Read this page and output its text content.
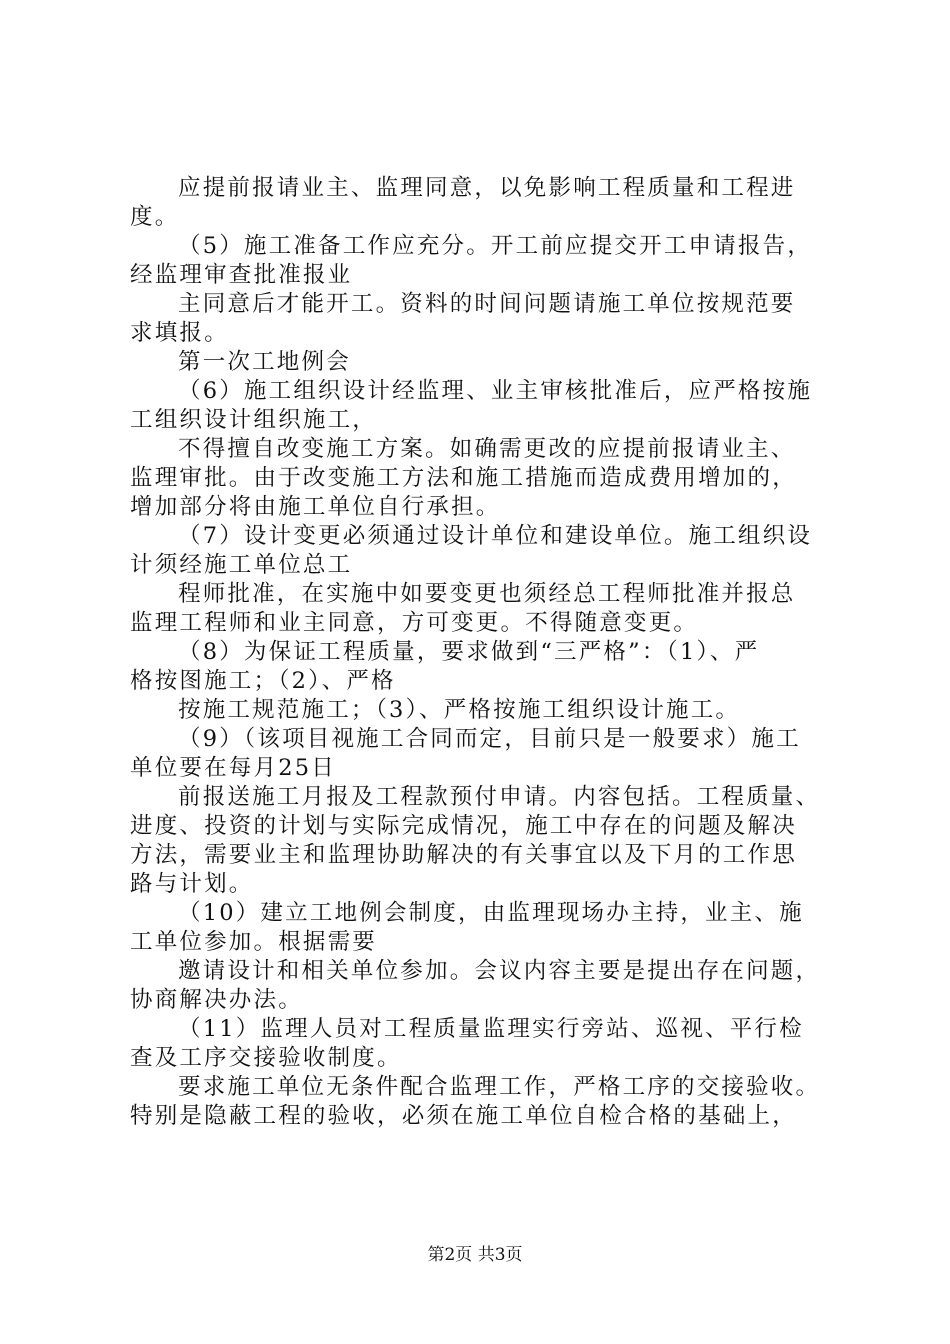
应提前报请业主、监理同意，以免影响工程质量和工程进
度。
（5）施工准备工作应充分。开工前应提交开工申请报告，
经监理审查批准报业
主同意后才能开工。资料的时间问题请施工单位按规范要
求填报。
第一次工地例会
（6）施工组织设计经监理、业主审核批准后，应严格按施
工组织设计组织施工，
不得擅自改变施工方案。如确需更改的应提前报请业主、
监理审批。由于改变施工方法和施工措施而造成费用增加的，
增加部分将由施工单位自行承担。
（7）设计变更必须通过设计单位和建设单位。施工组织设
计须经施工单位总工
程师批准，在实施中如要变更也须经总工程师批准并报总
监理工程师和业主同意，方可变更。不得随意变更。
（8）为保证工程质量，要求做到“三严格”：（1）、严
格按图施工；（2）、严格
按施工规范施工；（3）、严格按施工组织设计施工。
（9）（该项目视施工合同而定，目前只是一般要求）施工
单位要在每月25日
前报送施工月报及工程款预付申请。内容包括。工程质量、
进度、投资的计划与实际完成情况，施工中存在的问题及解决
方法，需要业主和监理协助解决的有关事宜以及下月的工作思
路与计划。
（10）建立工地例会制度，由监理现场办主持，业主、施
工单位参加。根据需要
邀请设计和相关单位参加。会议内容主要是提出存在问题，
协商解决办法。
（11）监理人员对工程质量监理实行旁站、巡视、平行检
查及工序交接验收制度。
要求施工单位无条件配合监理工作，严格工序的交接验收。
特别是隐蔽工程的验收，必须在施工单位自检合格的基础上，
第2页 共3页
